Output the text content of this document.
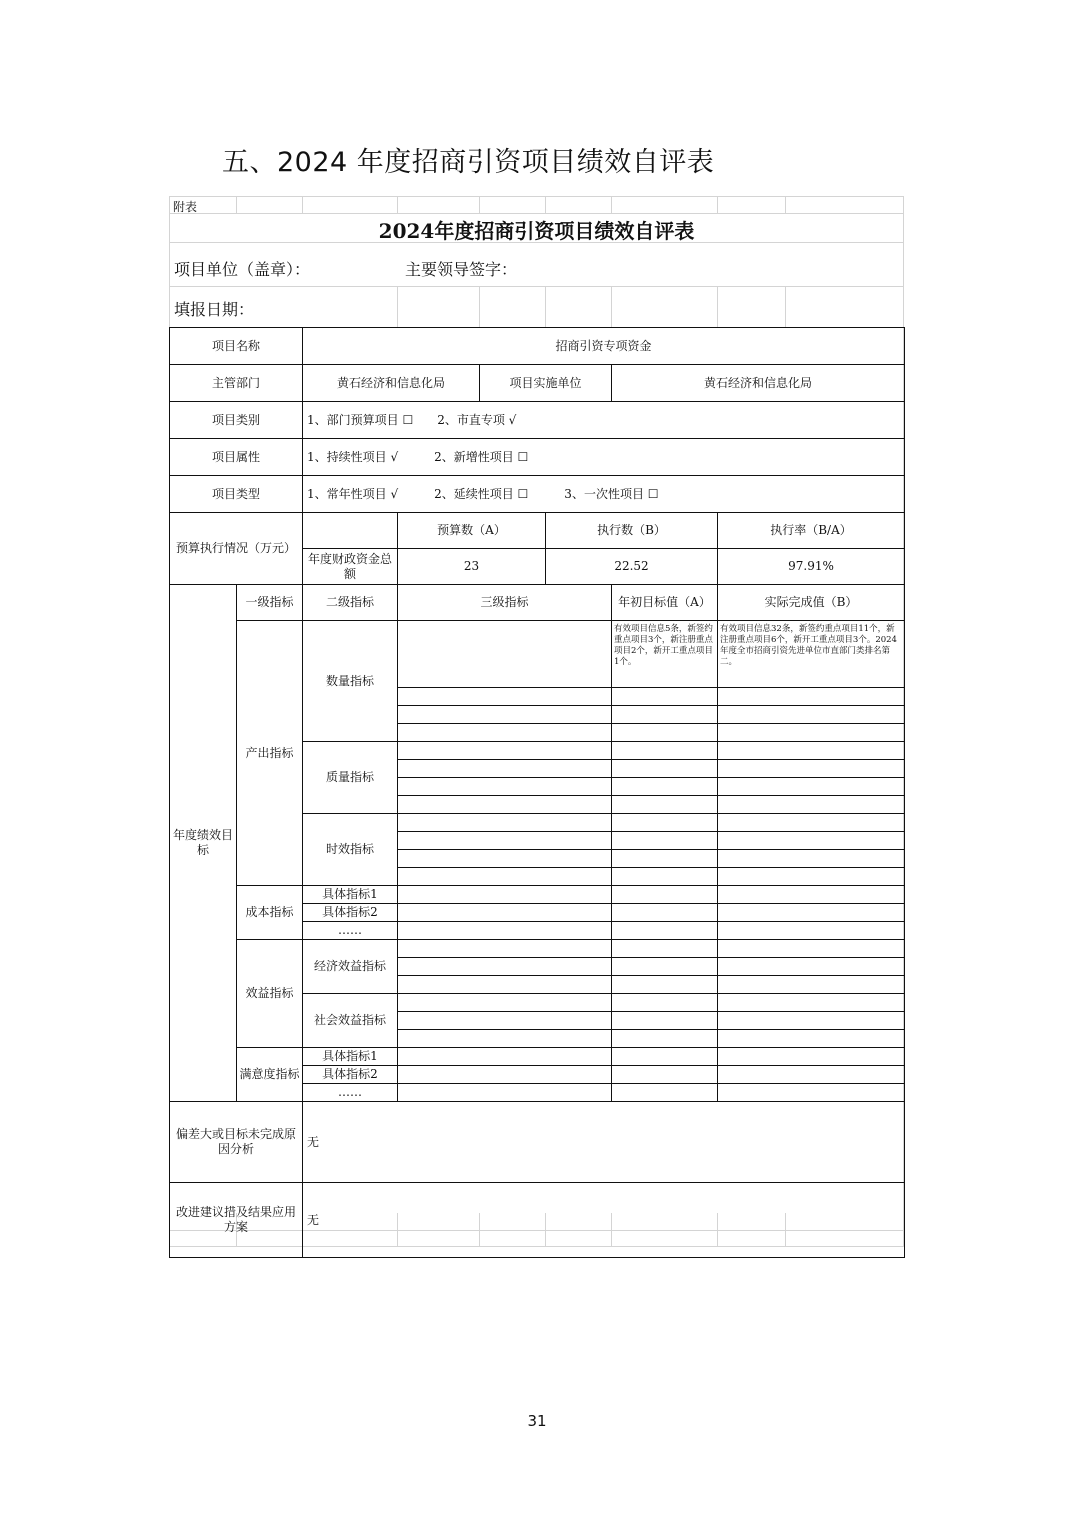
五、2024 年度招商引资项目绩效自评表
附表
2024年度招商引资项目绩效自评表
项目单位（盖章）：	主要领导签字：
填报日期：
项目名称		招商引资专项资金					
主管部门		黄石经济和信息化局		项目实施单位		黄石经济和信息化局	
项目类别		1、部门预算项目 ☐　　2、市直专项 √					
项目属性		1、持续性项目 √　　　2、新增性项目 ☐					
项目类型		1、常年性项目 √　　　2、延续性项目 ☐　　　3、一次性项目 ☐					
预算执行情况（万元）			预算数（A）		执行数（B）		执行率（B/A）
		年度财政资金总额	23		22.52		97.91%
年度绩效目标	一级指标	二级指标	三级指标			年初目标值（A）	实际完成值（B）
	产出指标	数量指标				有效项目信息5条，新签约重点项目3个，新注册重点项目2个，新开工重点项目1个。	有效项目信息32条，新签约重点项目11个，新注册重点项目6个，新开工重点项目3个。2024年度全市招商引资先进单位市直部门类排名第二。

		质量指标					

		时效指标					

	成本指标	具体指标1					
		具体指标2					
		……					
	效益指标	经济效益指标					

		社会效益指标					

	满意度指标	具体指标1					
		具体指标2					
		……					
偏差大或目标未完成原因分析		无					
改进建议措及结果应用方案		无					
31
